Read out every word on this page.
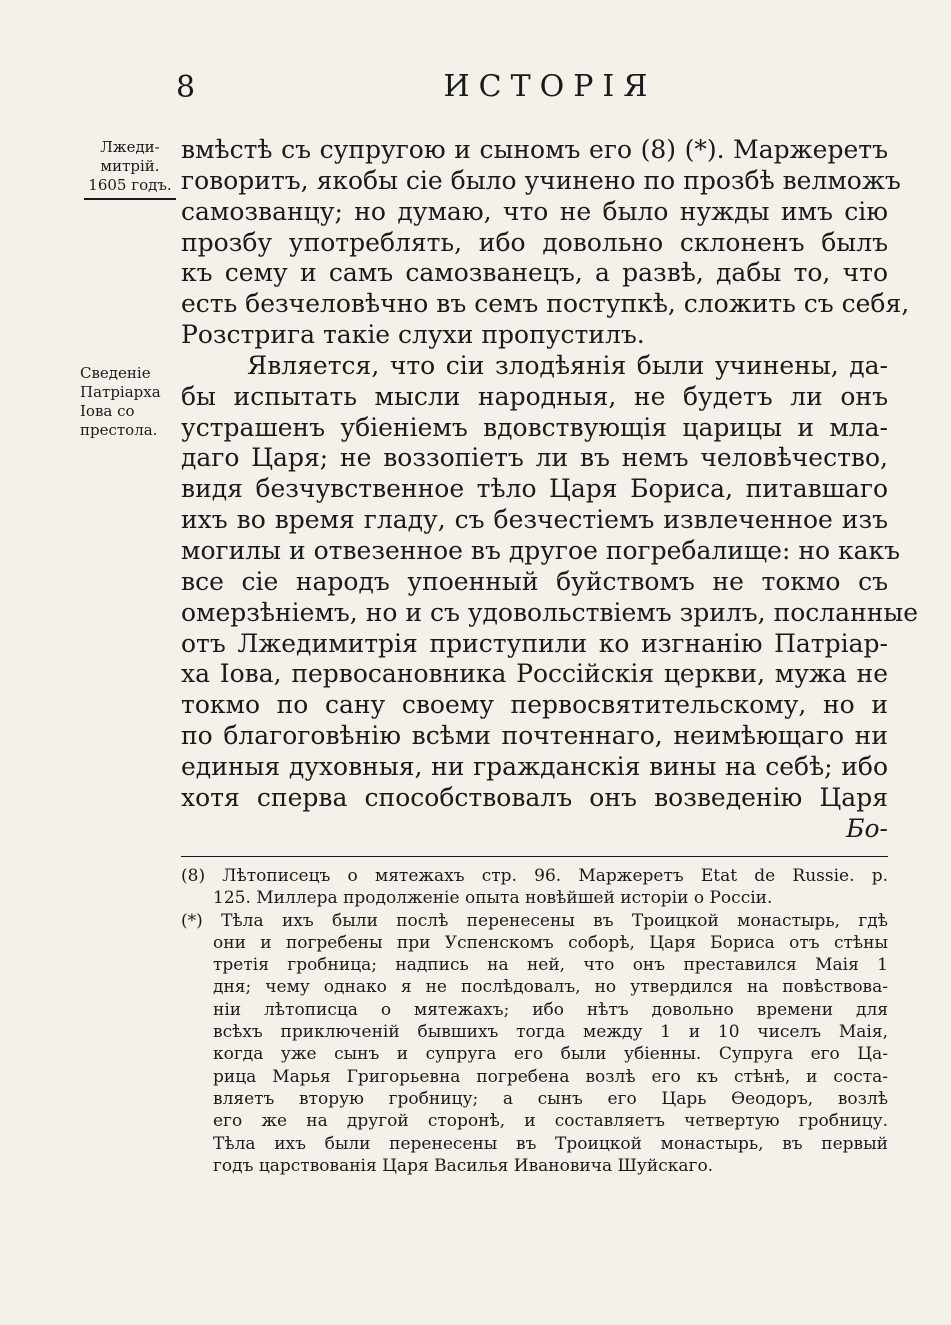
8	ИСТОРІЯ
Лжеди-
митрій.
1605 годъ.
Сведеніе
Патріарха
Іова со
престола.
вмѣстѣ съ супругою и сыномъ его (8) (*). Маржеретъ
говоритъ, якобы сіе было учинено по прозбѣ велможъ
самозванцу; но думаю, что не было нужды имъ сію
прозбу употреблять, ибо довольно склоненъ былъ
къ сему и самъ самозванецъ, а развѣ, дабы то, что
есть безчеловѣчно въ семъ поступкѣ, сложить съ себя,
Розстрига такіе слухи пропустилъ.
Является, что сіи злодѣянія были учинены, да-
бы испытать мысли народныя, не будетъ ли онъ
устрашенъ убіеніемъ вдовствующія царицы и мла-
даго Царя; не воззопіетъ ли въ немъ человѣчество,
видя безчувственное тѣло Царя Бориса, питавшаго
ихъ во время гладу, съ безчестіемъ извлеченное изъ
могилы и отвезенное въ другое погребалище: но какъ
все сіе народъ упоенный буйствомъ не токмо съ
омерзѣніемъ, но и съ удовольствіемъ зрилъ, посланные
отъ Лжедимитрія приступили ко изгнанію Патріар-
ха Іова, первосановника Россійскія церкви, мужа не
токмо по сану своему первосвятительскому, но и
по благоговѣнію всѣми почтеннаго, неимѣющаго ни
единыя духовныя, ни гражданскія вины на себѣ; ибо
хотя сперва способствовалъ онъ возведенію Царя
Бо-
(8) Лѣтописецъ о мятежахъ стр. 96. Маржеретъ Etat de Russie. p.
125. Миллера продолженіе опыта новѣйшей исторіи о Россіи.
(*) Тѣла ихъ были послѣ перенесены въ Троицкой монастырь, гдѣ
они и погребены при Успенскомъ соборѣ, Царя Бориса отъ стѣны
третія гробница; надпись на ней, что онъ преставился Маія 1
дня; чему однако я не послѣдовалъ, но утвердился на повѣствова-
ніи лѣтописца о мятежахъ; ибо нѣтъ довольно времени для
всѣхъ приключеній бывшихъ тогда между 1 и 10 чиселъ Маія,
когда уже сынъ и супруга его были убіенны. Супруга его Ца-
рица Марья Григорьевна погребена возлѣ его къ стѣнѣ, и соста-
вляетъ вторую гробницу; а сынъ его Царь Ѳеодоръ, возлѣ
его же на другой сторонѣ, и составляетъ четвертую гробницу.
Тѣла ихъ были перенесены въ Троицкой монастырь, въ первый
годъ царствованія Царя Василья Ивановича Шуйскаго.
